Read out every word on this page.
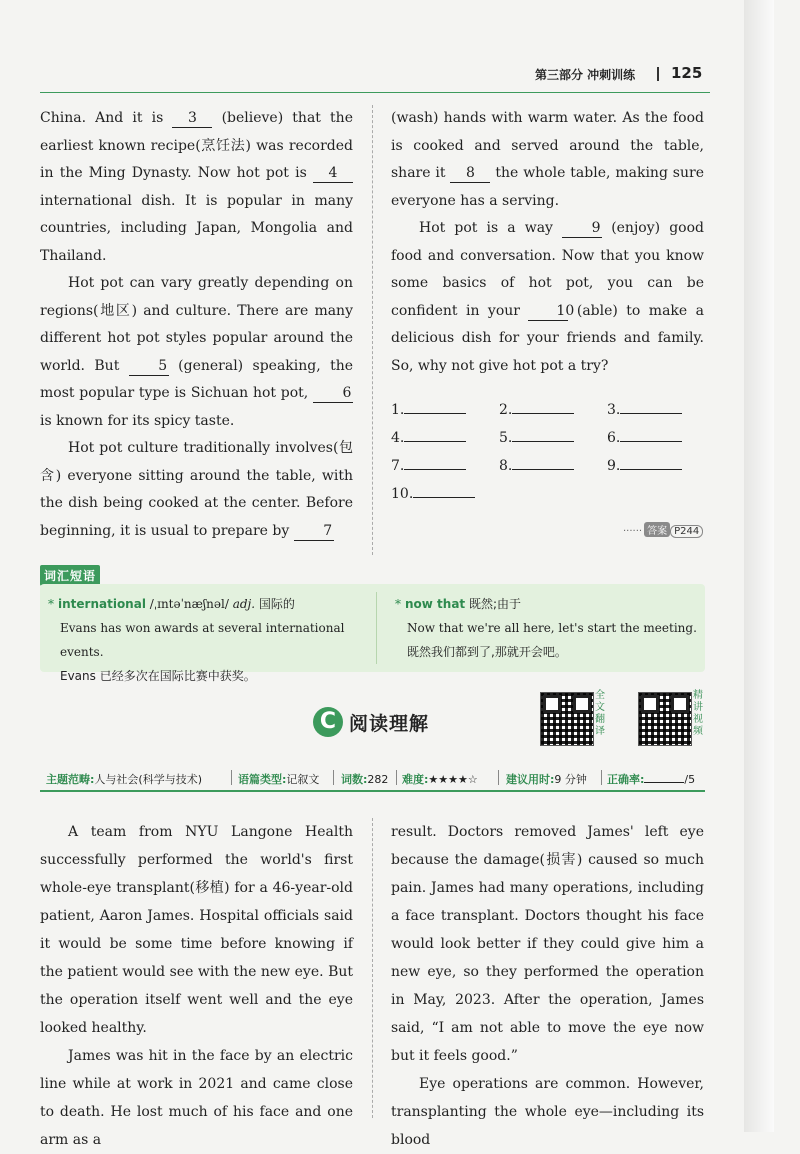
第三部分 冲刺训练 125

China. And it is 3 (believe) that the earliest known recipe(烹饪法) was recorded in the Ming Dynasty. Now hot pot is 4 international dish. It is popular in many countries, including Japan, Mongolia and Thailand.

Hot pot can vary greatly depending on regions(地区) and culture. There are many different hot pot styles popular around the world. But	5 (general) speaking, the most popular type is Sichuan hot pot, 6 is known for its spicy taste.

Hot pot culture traditionally involves(包含) everyone sitting around the table, with the dish being cooked at the center. Before beginning, it is usual to prepare by 7

(wash) hands with warm water. As the food is cooked and served around the table, share it 8 the whole table, making sure everyone has a serving.

Hot pot is a way	9 (enjoy) good food and conversation. Now that you know some basics of hot pot, you can be confident in your	10 (able) to make a delicious dish for your friends and family. So, why not give hot pot a try?

1.	2.	3.
4.	5.	6.
7.	8.	9.
10.
······ 答案 P244
词汇短语
* international /ˌɪntəˈnæʃnəl/ adj. 国际的
Evans has won awards at several international events.
Evans 已经多次在国际比赛中获奖。
* now that 既然;由于
Now that we're all here, let's start the meeting.
既然我们都到了,那就开会吧。
C 阅读理解
全文翻译
精讲视频
主题范畴:人与社会(科学与技术)	语篇类型:记叙文 词数:282 难度:★★★★☆	建议用时:9 分钟 正确率:	/5

A team from NYU Langone Health successfully performed the world's first whole-eye transplant(移植) for a 46-year-old patient, Aaron James. Hospital officials said it would be some time before knowing if the patient would see with the new eye. But the operation itself went well and the eye looked healthy.

James was hit in the face by an electric line while at work in 2021 and came close to death. He lost much of his face and one arm as a

result. Doctors removed James' left eye because the damage(损害) caused so much pain. James had many operations, including a face transplant. Doctors thought his face would look better if they could give him a new eye, so they performed the operation in May, 2023. After the operation, James said, “I am not able to move the eye now but it feels good.”

Eye operations are common. However, transplanting the whole eye—including its blood
